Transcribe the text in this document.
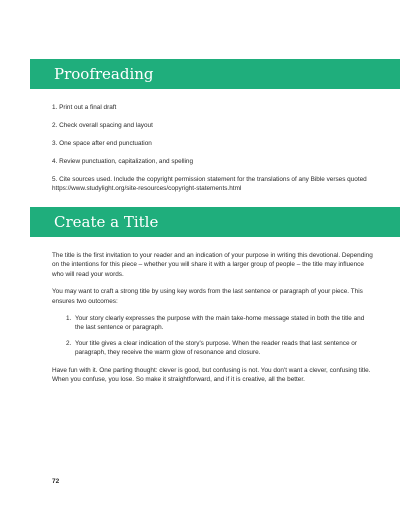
Proofreading

1. Print out a final draft

2. Check overall spacing and layout

3. One space after end punctuation

4. Review punctuation, capitalization, and spelling

5. Cite sources used. Include the copyright permission statement for the translations of any Bible verses quoted https://www.studylight.org/site-resources/copyright-statements.html

Create a Title

The title is the first invitation to your reader and an indication of your purpose in writing this devotional. Depending on the intentions for this piece – whether you will share it with a larger group of people – the title may influence who will read your words.

You may want to craft a strong title by using key words from the last sentence or paragraph of your piece. This ensures two outcomes:

1. Your story clearly expresses the purpose with the main take-home message stated in both the title and the last sentence or paragraph.
2. Your title gives a clear indication of the story's purpose. When the reader reads that last sentence or paragraph, they receive the warm glow of resonance and closure.

Have fun with it. One parting thought: clever is good, but confusing is not. You don't want a clever, confusing title. When you confuse, you lose. So make it straightforward, and if it is creative, all the better.

72
